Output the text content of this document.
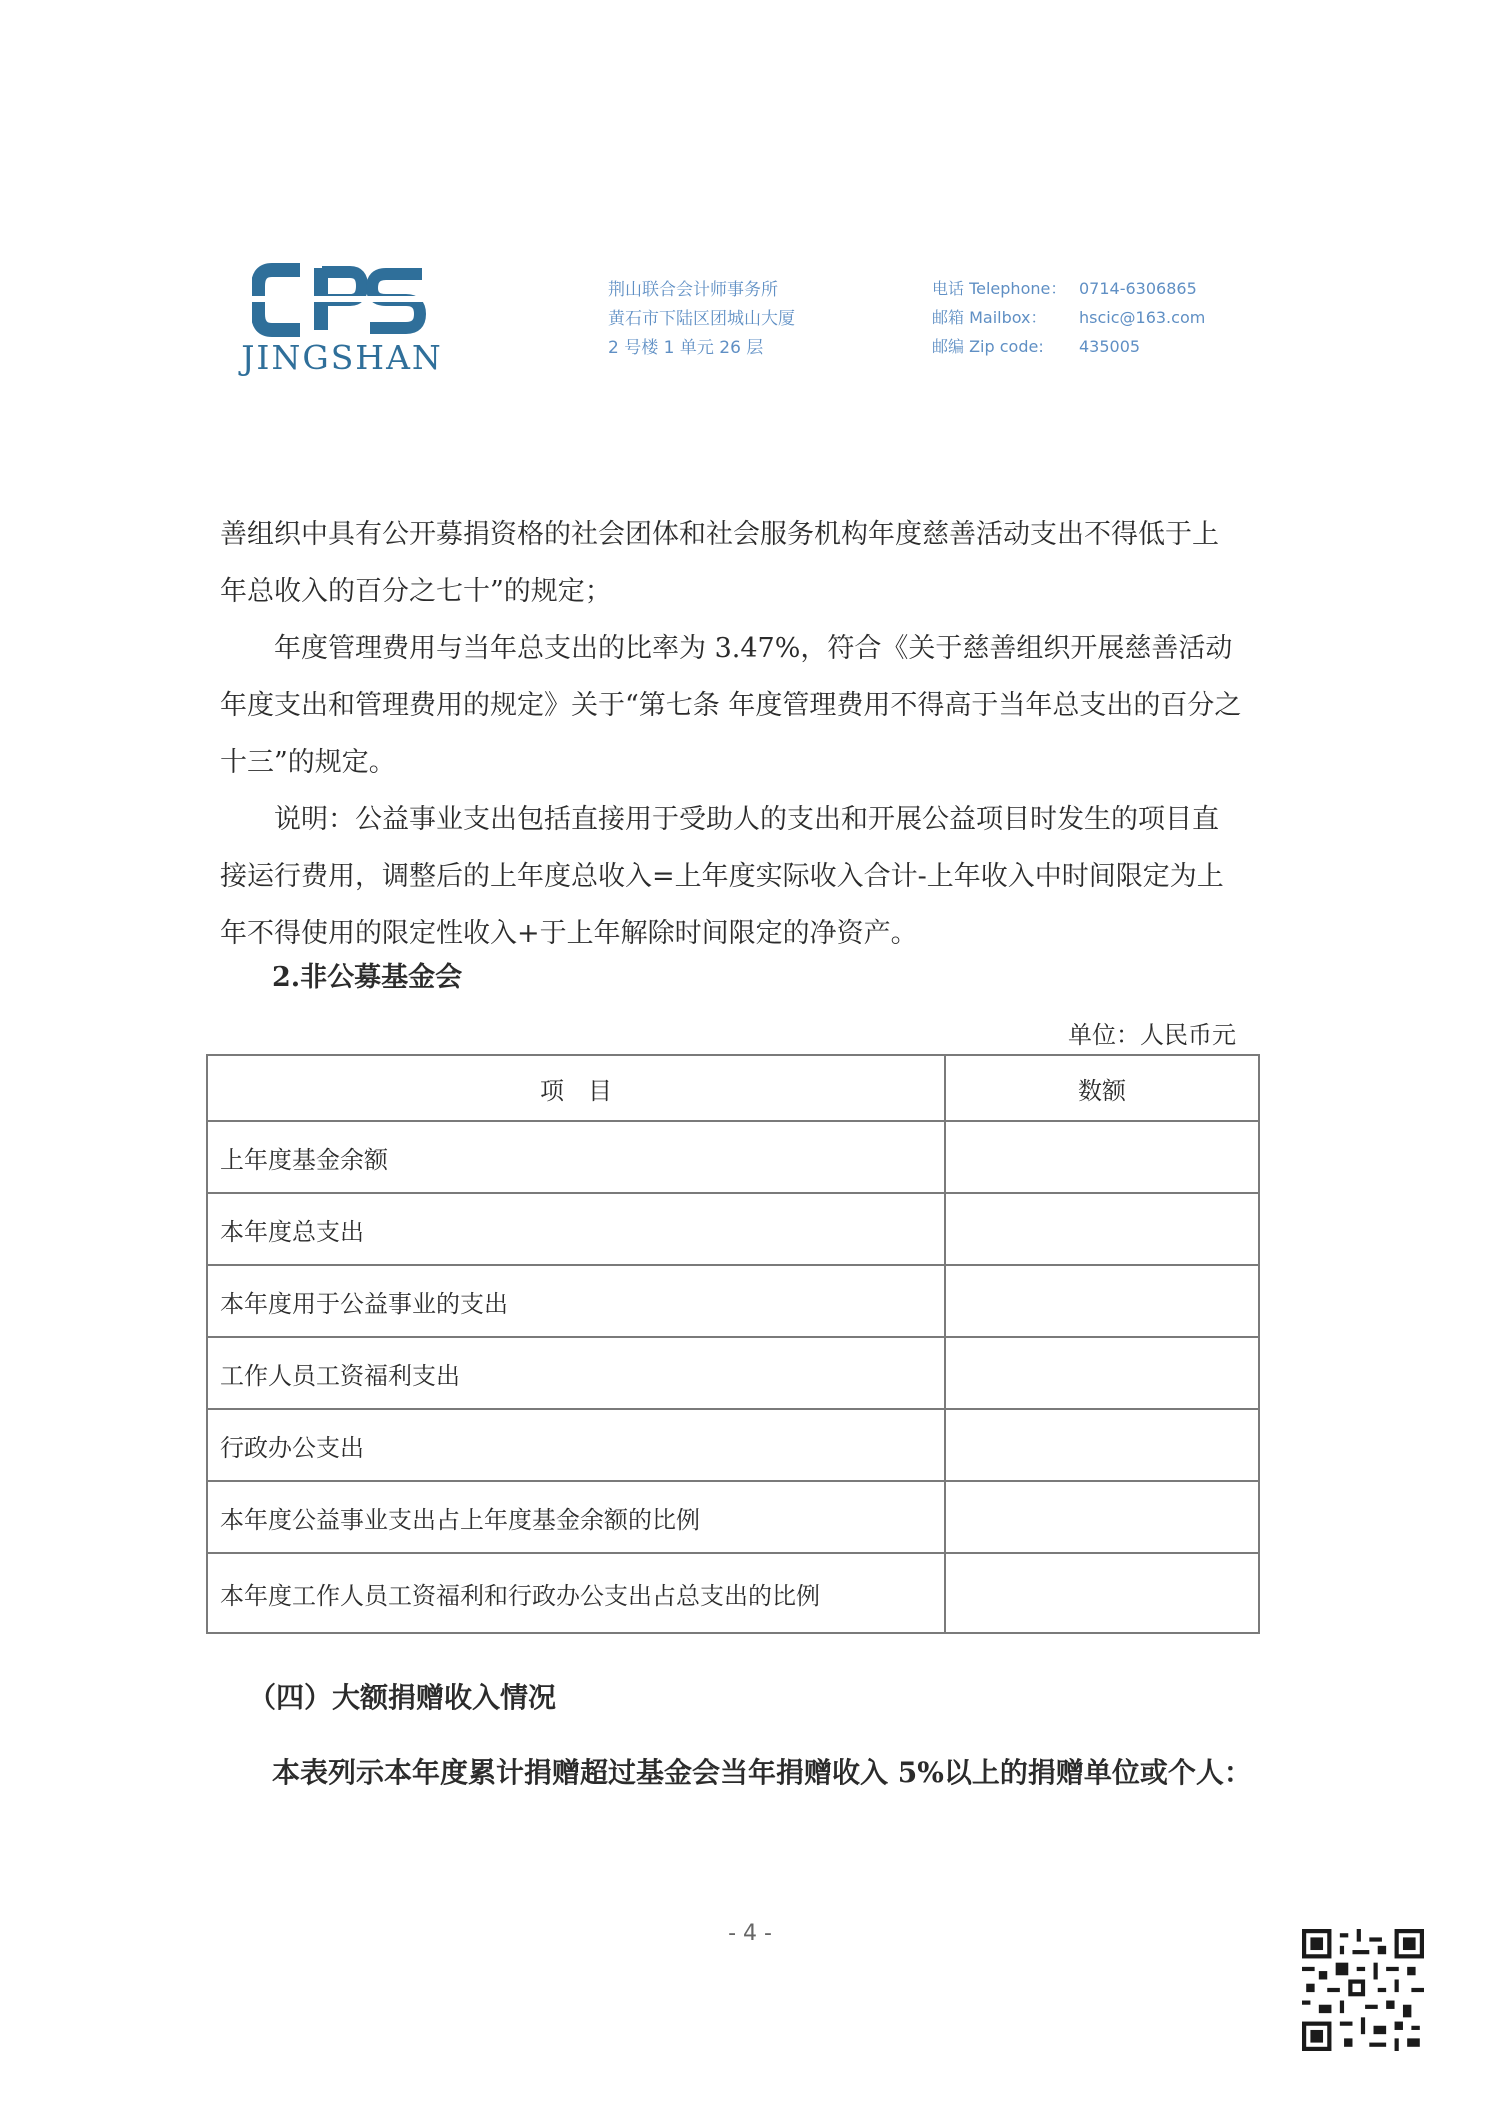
JINGSHAN
荆山联合会计师事务所
黄石市下陆区团城山大厦
2 号楼 1 单元 26 层
电话 Telephone： 0714-6306865
邮箱 Mailbox：	hscic@163.com
邮编 Zip code:	435005

善组织中具有公开募捐资格的社会团体和社会服务机构年度慈善活动支出不得低于上年总收入的百分之七十”的规定；

年度管理费用与当年总支出的比率为 3.47%，符合《关于慈善组织开展慈善活动年度支出和管理费用的规定》关于“第七条 年度管理费用不得高于当年总支出的百分之十三”的规定。

说明：公益事业支出包括直接用于受助人的支出和开展公益项目时发生的项目直接运行费用，调整后的上年度总收入=上年度实际收入合计-上年收入中时间限定为上年不得使用的限定性收入+于上年解除时间限定的净资产。

2.非公募基金会
单位：人民币元
项　目	数额
上年度基金余额	
本年度总支出	
本年度用于公益事业的支出	
工作人员工资福利支出	
行政办公支出	
本年度公益事业支出占上年度基金余额的比例	
本年度工作人员工资福利和行政办公支出占总支出的比例	
（四）大额捐赠收入情况
本表列示本年度累计捐赠超过基金会当年捐赠收入 5%以上的捐赠单位或个人：
- 4 -
